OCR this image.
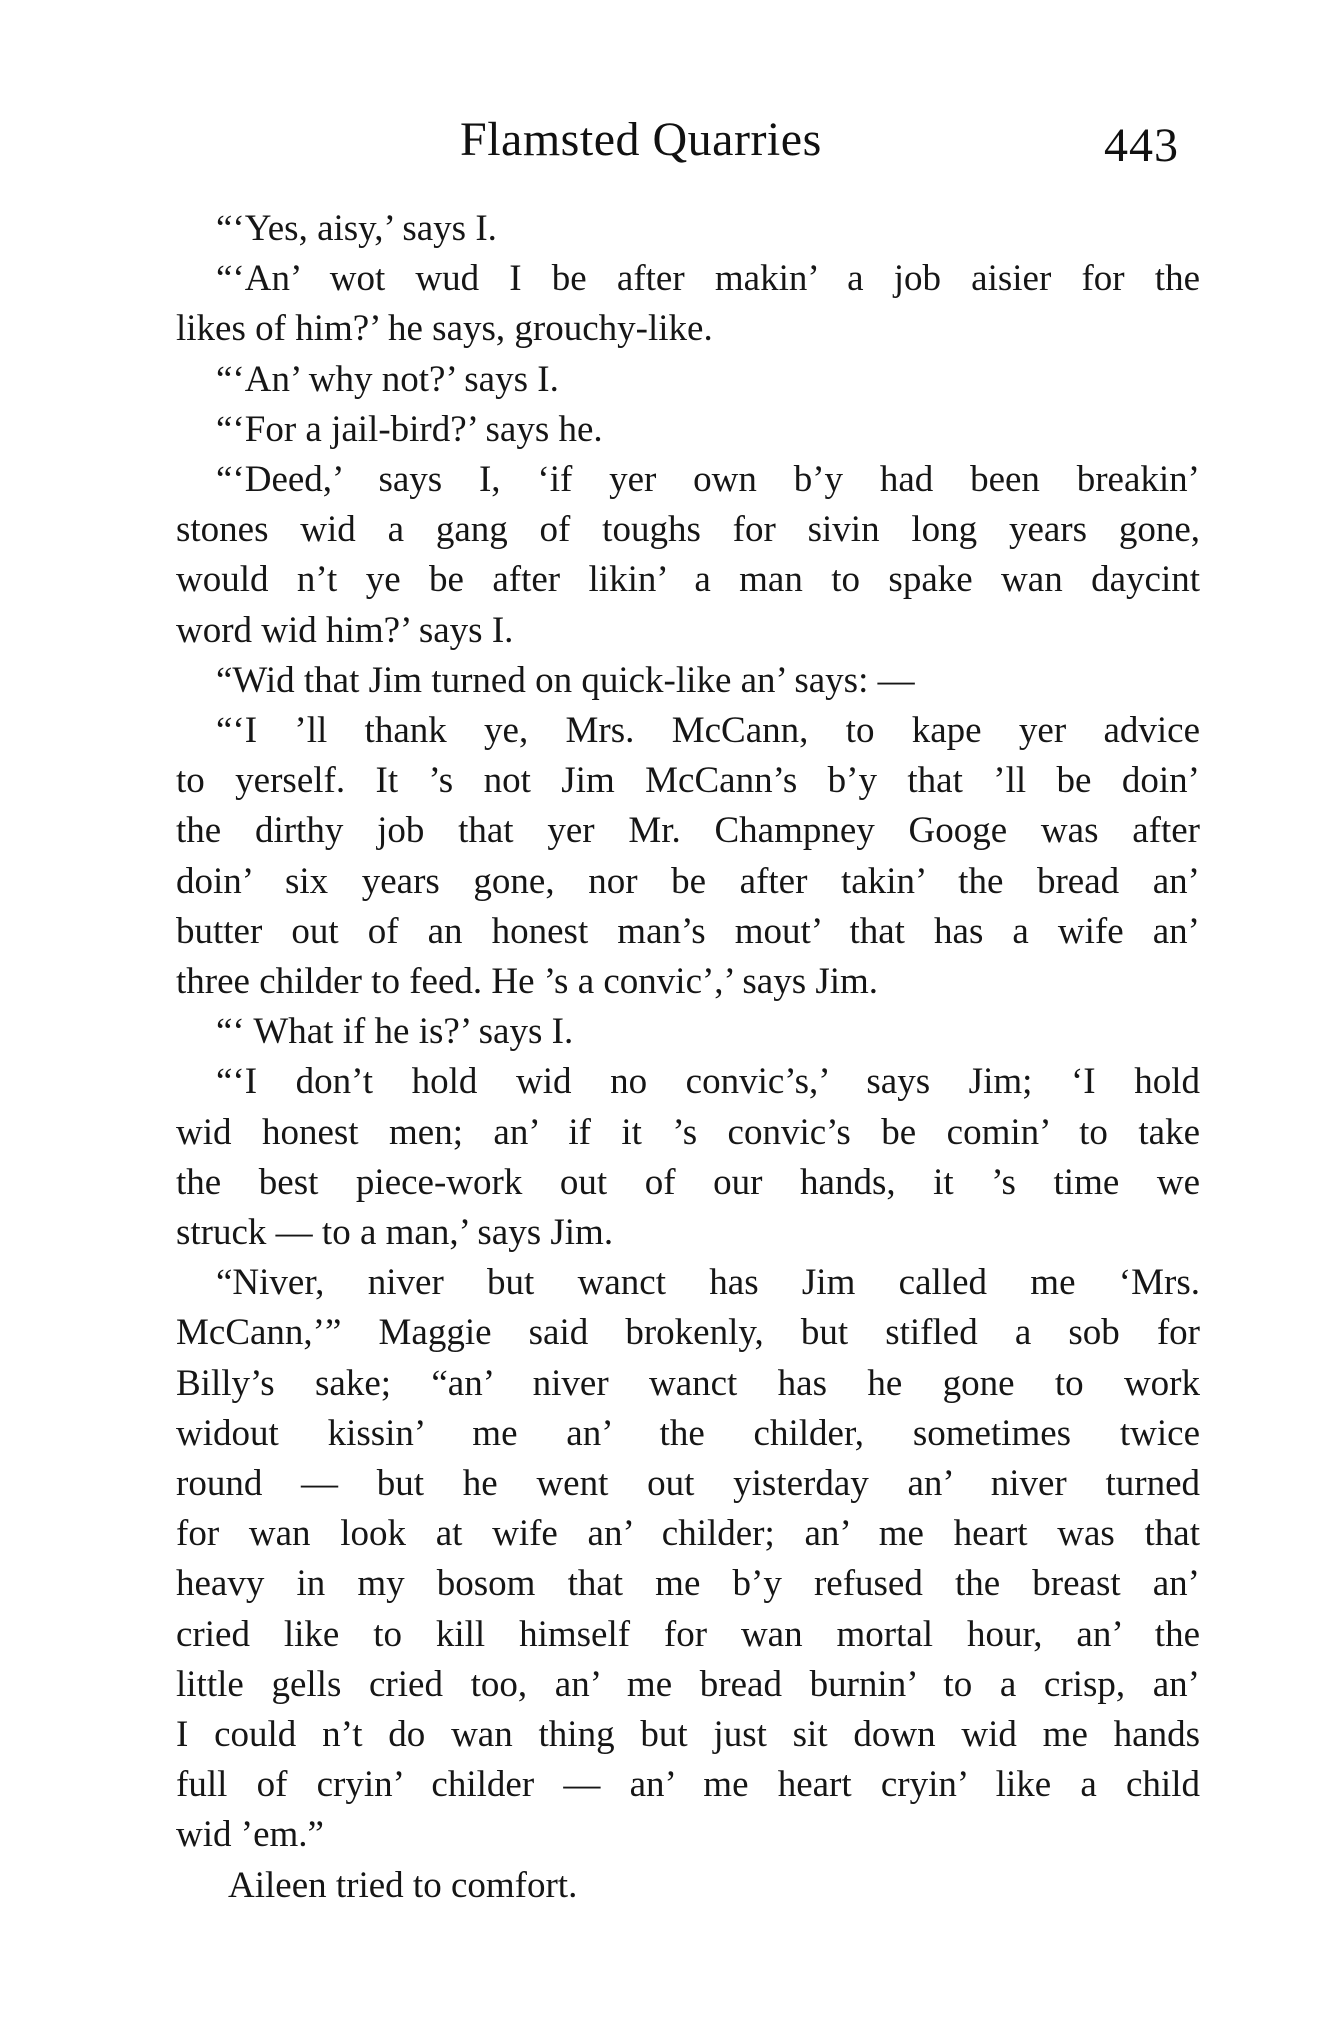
Flamsted Quarries	443
“‘Yes, aisy,’ says I.
“‘An’ wot wud I be after makin’ a job aisier for the
likes of him?’ he says, grouchy-like.
“‘An’ why not?’ says I.
“‘For a jail-bird?’ says he.
“‘Deed,’ says I, ‘if yer own b’y had been breakin’
stones wid a gang of toughs for sivin long years gone,
would n’t ye be after likin’ a man to spake wan daycint
word wid him?’ says I.
“Wid that Jim turned on quick-like an’ says: —
“‘I ’ll thank ye, Mrs. McCann, to kape yer advice
to yerself. It ’s not Jim McCann’s b’y that ’ll be doin’
the dirthy job that yer Mr. Champney Googe was after
doin’ six years gone, nor be after takin’ the bread an’
butter out of an honest man’s mout’ that has a wife an’
three childer to feed. He ’s a convic’,’ says Jim.
“‘ What if he is?’ says I.
“‘I don’t hold wid no convic’s,’ says Jim; ‘I hold
wid honest men; an’ if it ’s convic’s be comin’ to take
the best piece-work out of our hands, it ’s time we
struck — to a man,’ says Jim.
“Niver, niver but wanct has Jim called me ‘Mrs.
McCann,’” Maggie said brokenly, but stifled a sob for
Billy’s sake; “an’ niver wanct has he gone to work
widout kissin’ me an’ the childer, sometimes twice
round — but he went out yisterday an’ niver turned
for wan look at wife an’ childer; an’ me heart was that
heavy in my bosom that me b’y refused the breast an’
cried like to kill himself for wan mortal hour, an’ the
little gells cried too, an’ me bread burnin’ to a crisp, an’
I could n’t do wan thing but just sit down wid me hands
full of cryin’ childer — an’ me heart cryin’ like a child
wid ’em.”
Aileen tried to comfort.
